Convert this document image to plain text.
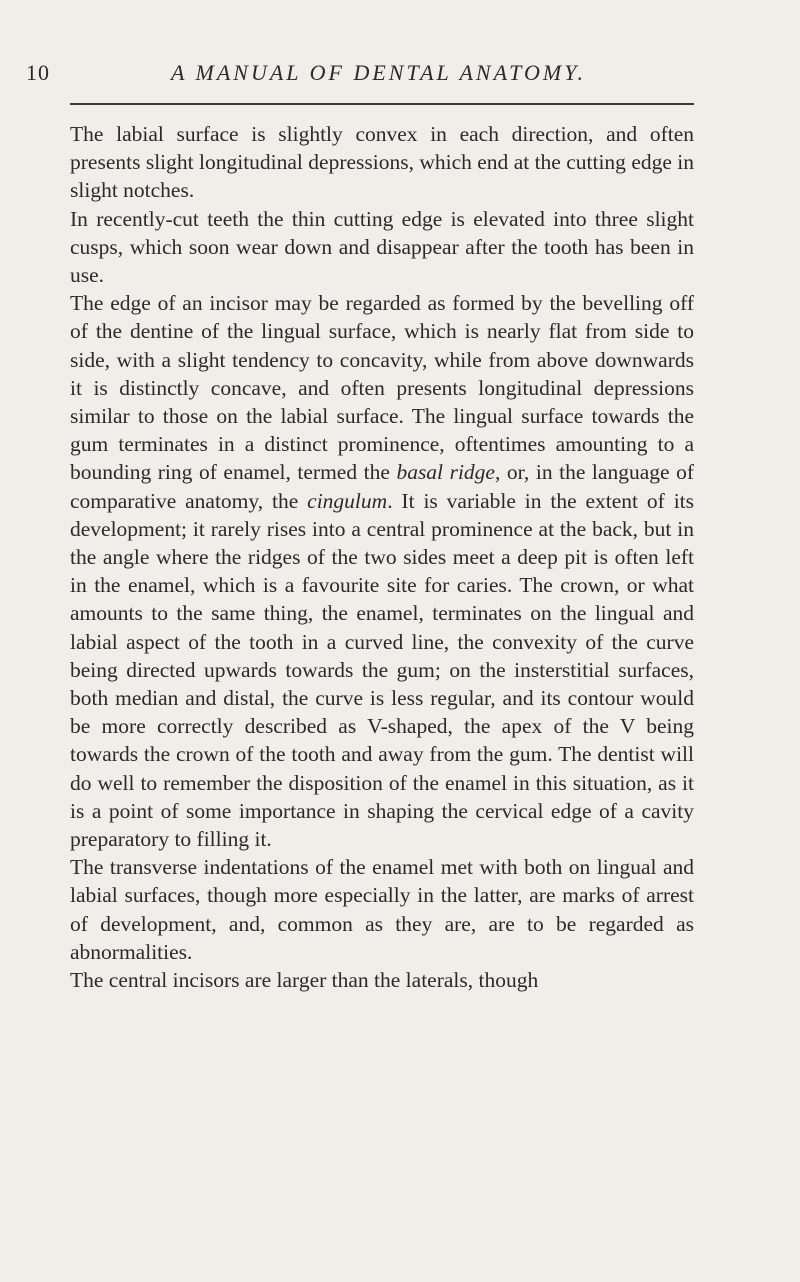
10	A MANUAL OF DENTAL ANATOMY.

The labial surface is slightly convex in each direction, and often presents slight longitudinal depressions, which end at the cutting edge in slight notches.

In recently-cut teeth the thin cutting edge is elevated into three slight cusps, which soon wear down and disappear after the tooth has been in use.

The edge of an incisor may be regarded as formed by the bevelling off of the dentine of the lingual surface, which is nearly flat from side to side, with a slight tendency to concavity, while from above downwards it is distinctly concave, and often presents longitudinal depressions similar to those on the labial surface. The lingual surface towards the gum terminates in a distinct prominence, oftentimes amounting to a bounding ring of enamel, termed the basal ridge, or, in the language of comparative anatomy, the cingulum. It is variable in the extent of its development; it rarely rises into a central prominence at the back, but in the angle where the ridges of the two sides meet a deep pit is often left in the enamel, which is a favourite site for caries. The crown, or what amounts to the same thing, the enamel, terminates on the lingual and labial aspect of the tooth in a curved line, the convexity of the curve being directed upwards towards the gum; on the insterstitial surfaces, both median and distal, the curve is less regular, and its contour would be more correctly described as V-shaped, the apex of the V being towards the crown of the tooth and away from the gum. The dentist will do well to remember the disposition of the enamel in this situation, as it is a point of some importance in shaping the cervical edge of a cavity preparatory to filling it.

The transverse indentations of the enamel met with both on lingual and labial surfaces, though more especially in the latter, are marks of arrest of development, and, common as they are, are to be regarded as abnormalities.

The central incisors are larger than the laterals, though
